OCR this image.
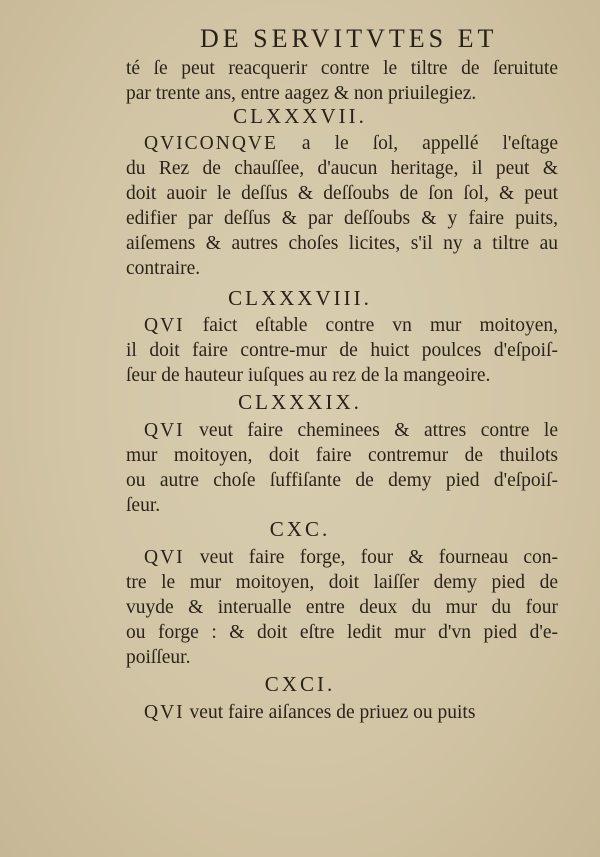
DE SERVITVTES ET
té ſe peut reacquerir contre le tiltre de ſeruitute
par trente ans, entre aagez & non priuilegiez.
CLXXXVII.
QVICONQVE a le ſol, appellé l'eſtage
du Rez de chauſſee, d'aucun heritage, il peut &
doit auoir le deſſus & deſſoubs de ſon ſol, & peut
edifier par deſſus & par deſſoubs & y faire puits,
aiſemens & autres choſes licites, s'il ny a tiltre au
contraire.
CLXXXVIII.
QVI faict eſtable contre vn mur moitoyen,
il doit faire contre-mur de huict poulces d'eſpoiſ-
ſeur de hauteur iuſques au rez de la mangeoire.
CLXXXIX.
QVI veut faire cheminees & attres contre le
mur moitoyen, doit faire contremur de thuilots
ou autre choſe ſuffiſante de demy pied d'eſpoiſ-
ſeur.
CXC.
QVI veut faire forge, four & fourneau con-
tre le mur moitoyen, doit laiſſer demy pied de
vuyde & interualle entre deux du mur du four
ou forge : & doit eſtre ledit mur d'vn pied d'e-
poiſſeur.
CXCI.
QVI veut faire aiſances de priuez ou puits
